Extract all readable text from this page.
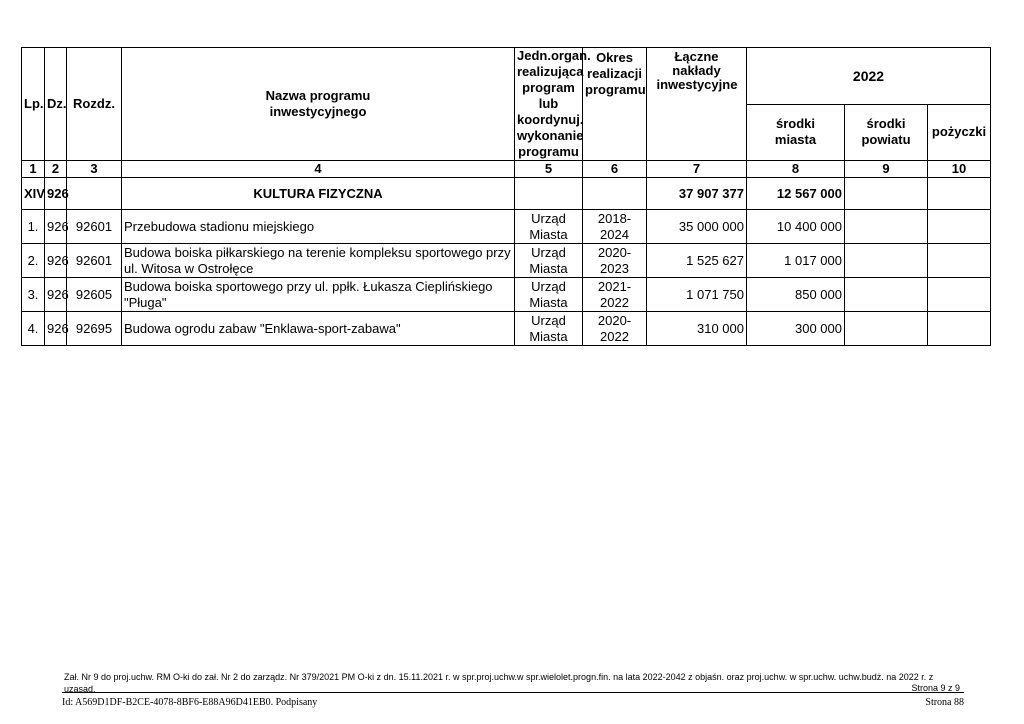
Lp.	Dz.	Rozdz.	Nazwa programu inwestycyjnego	Jedn.organ. realizująca program lub koordynuj. wykonanie programu	Okres realizacji programu	Łączne nakłady inwestycyjne	2022		
							środki miasta	środki powiatu	pożyczki
1	2	3	4	5	6	7	8	9	10
XIV	926		KULTURA FIZYCZNA			37 907 377	12 567 000		
1.	926	92601	Przebudowa stadionu miejskiego	Urząd Miasta	2018-2024	35 000 000	10 400 000		
2.	926	92601	Budowa boiska piłkarskiego na terenie kompleksu sportowego przy ul. Witosa w Ostrołęce	Urząd Miasta	2020-2023	1 525 627	1 017 000		
3.	926	92605	Budowa boiska sportowego przy ul. ppłk. Łukasza Cieplińskiego "Pługa"	Urząd Miasta	2021-2022	1 071 750	850 000		
4.	926	92695	Budowa ogrodu zabaw "Enklawa-sport-zabawa"	Urząd Miasta	2020-2022	310 000	300 000		
Zał. Nr 9 do proj.uchw. RM O-ki do zał. Nr 2 do zarządz. Nr 379/2021 PM O-ki z dn. 15.11.2021 r. w spr.proj.uchw.w spr.wielolet.progn.fin. na lata 2022-2042 z objaśn. oraz proj.uchw. w spr.uchw. uchw.budż. na 2022 r. z uzasad.	Strona 9 z 9
Id: A569D1DF-B2CE-4078-8BF6-E88A96D41EB0. Podpisany	Strona 88
